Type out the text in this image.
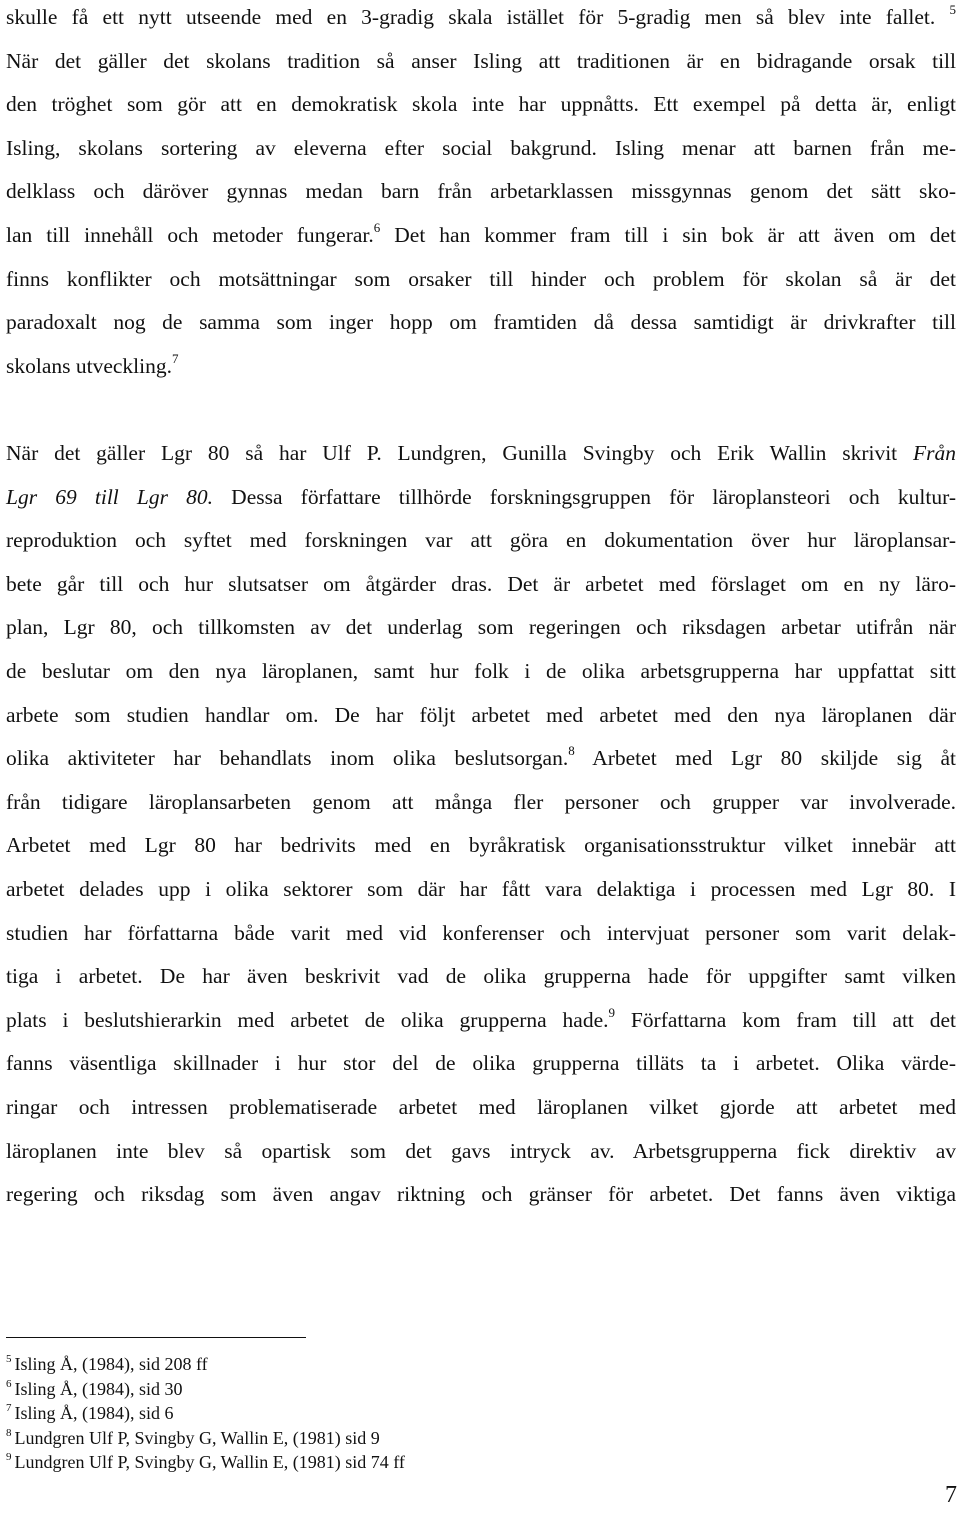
skulle få ett nytt utseende med en 3-gradig skala istället för 5-gradig men så blev inte fallet. $^5$
När det gäller det skolans tradition så anser Isling att traditionen är en bidragande orsak till
den tröghet som gör att en demokratisk skola inte har uppnåtts. Ett exempel på detta är, enligt
Isling, skolans sortering av eleverna efter social bakgrund. Isling menar att barnen från me-
delklass och däröver gynnas medan barn från arbetarklassen missgynnas genom det sätt sko-
lan till innehåll och metoder fungerar.$^6$ Det han kommer fram till i sin bok är att även om det
finns konflikter och motsättningar som orsaker till hinder och problem för skolan så är det
paradoxalt nog de samma som inger hopp om framtiden då dessa samtidigt är drivkrafter till
skolans utveckling.$^7$
När det gäller Lgr 80 så har Ulf P. Lundgren, Gunilla Svingby och Erik Wallin skrivit Från
Lgr 69 till Lgr 80. Dessa författare tillhörde forskningsgruppen för läroplansteori och kultur-
reproduktion och syftet med forskningen var att göra en dokumentation över hur läroplansar-
bete går till och hur slutsatser om åtgärder dras. Det är arbetet med förslaget om en ny läro-
plan, Lgr 80, och tillkomsten av det underlag som regeringen och riksdagen arbetar utifrån när
de beslutar om den nya läroplanen, samt hur folk i de olika arbetsgrupperna har uppfattat sitt
arbete som studien handlar om. De har följt arbetet med arbetet med den nya läroplanen där
olika aktiviteter har behandlats inom olika beslutsorgan.$^8$ Arbetet med Lgr 80 skiljde sig åt
från tidigare läroplansarbeten genom att många fler personer och grupper var involverade.
Arbetet med Lgr 80 har bedrivits med en byråkratisk organisationsstruktur vilket innebär att
arbetet delades upp i olika sektorer som där har fått vara delaktiga i processen med Lgr 80. I
studien har författarna både varit med vid konferenser och intervjuat personer som varit delak-
tiga i arbetet. De har även beskrivit vad de olika grupperna hade för uppgifter samt vilken
plats i beslutshierarkin med arbetet de olika grupperna hade.$^9$ Författarna kom fram till att det
fanns väsentliga skillnader i hur stor del de olika grupperna tilläts ta i arbetet. Olika värde-
ringar och intressen problematiserade arbetet med läroplanen vilket gjorde att arbetet med
läroplanen inte blev så opartisk som det gavs intryck av. Arbetsgrupperna fick direktiv av
regering och riksdag som även angav riktning och gränser för arbetet. Det fanns även viktiga
$^5$ Isling Å, (1984), sid 208 ff
$^6$ Isling Å, (1984), sid 30
$^7$ Isling Å, (1984), sid 6
$^8$ Lundgren Ulf P, Svingby G, Wallin E, (1981) sid 9
$^9$ Lundgren Ulf P, Svingby G, Wallin E, (1981) sid 74 ff
7
